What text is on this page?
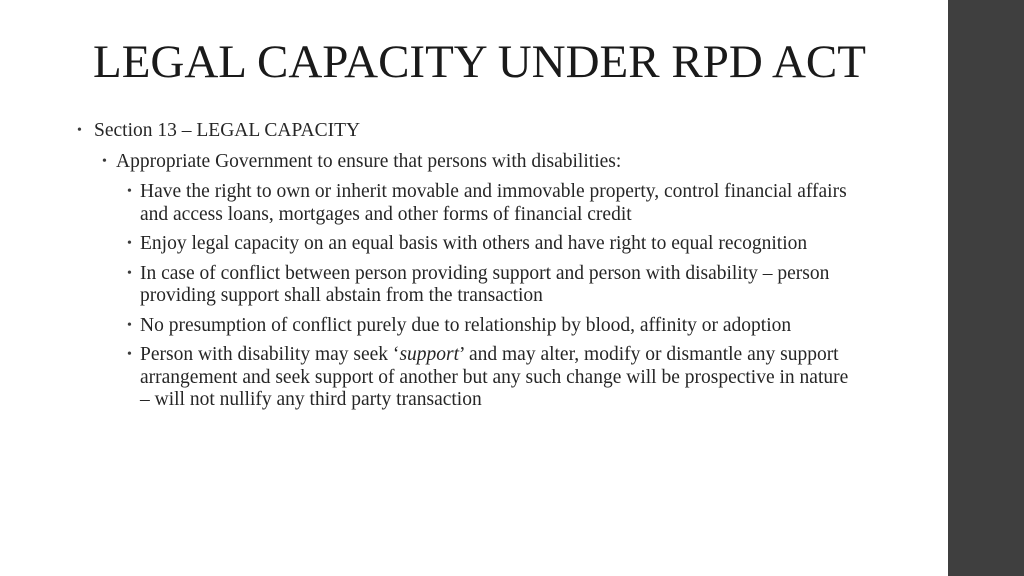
LEGAL CAPACITY UNDER RPD ACT

• Section 13 – LEGAL CAPACITY

• Appropriate Government to ensure that persons with disabilities:

• Have the right to own or inherit movable and immovable property, control financial affairs and access loans, mortgages and other forms of financial credit

• Enjoy legal capacity on an equal basis with others and have right to equal recognition

• In case of conflict between person providing support and person with disability – person providing support shall abstain from the transaction

• No presumption of conflict purely due to relationship by blood, affinity or adoption

• Person with disability may seek ‘support’ and may alter, modify or dismantle any support arrangement and seek support of another but any such change will be prospective in nature – will not nullify any third party transaction
